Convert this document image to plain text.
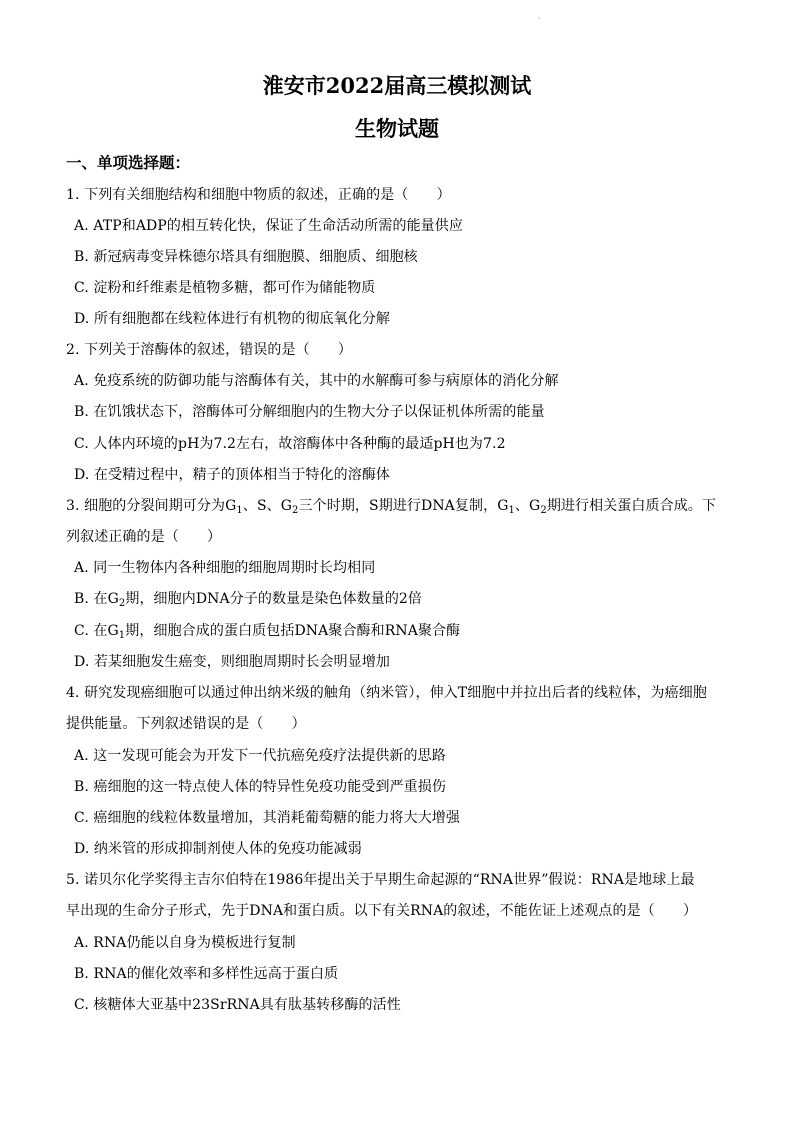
·
淮安市2022届高三模拟测试
生物试题
一、单项选择题：
1. 下列有关细胞结构和细胞中物质的叙述，正确的是（　　）
A. ATP和ADP的相互转化快，保证了生命活动所需的能量供应
B. 新冠病毒变异株德尔塔具有细胞膜、细胞质、细胞核
C. 淀粉和纤维素是植物多糖，都可作为储能物质
D. 所有细胞都在线粒体进行有机物的彻底氧化分解
2. 下列关于溶酶体的叙述，错误的是（　　）
A. 免疫系统的防御功能与溶酶体有关，其中的水解酶可参与病原体的消化分解
B. 在饥饿状态下，溶酶体可分解细胞内的生物大分子以保证机体所需的能量
C. 人体内环境的pH为7.2左右，故溶酶体中各种酶的最适pH也为7.2
D. 在受精过程中，精子的顶体相当于特化的溶酶体
3. 细胞的分裂间期可分为$G_1$、S、$G_2$三个时期，S期进行DNA复制，$G_1$、$G_2$期进行相关蛋白质合成。下
列叙述正确的是（　　）
A. 同一生物体内各种细胞的细胞周期时长均相同
B. 在$G_2$期，细胞内DNA分子的数量是染色体数量的2倍
C. 在$G_1$期，细胞合成的蛋白质包括DNA聚合酶和RNA聚合酶
D. 若某细胞发生癌变，则细胞周期时长会明显增加
4. 研究发现癌细胞可以通过伸出纳米级的触角（纳米管），伸入T细胞中并拉出后者的线粒体，为癌细胞
提供能量。下列叙述错误的是（　　）
A. 这一发现可能会为开发下一代抗癌免疫疗法提供新的思路
B. 癌细胞的这一特点使人体的特异性免疫功能受到严重损伤
C. 癌细胞的线粒体数量增加，其消耗葡萄糖的能力将大大增强
D. 纳米管的形成抑制剂使人体的免疫功能减弱
5. 诺贝尔化学奖得主吉尔伯特在1986年提出关于早期生命起源的“RNA世界”假说：RNA是地球上最
早出现的生命分子形式，先于DNA和蛋白质。以下有关RNA的叙述，不能佐证上述观点的是（　　）
A. RNA仍能以自身为模板进行复制
B. RNA的催化效率和多样性远高于蛋白质
C. 核糖体大亚基中23SrRNA具有肽基转移酶的活性
